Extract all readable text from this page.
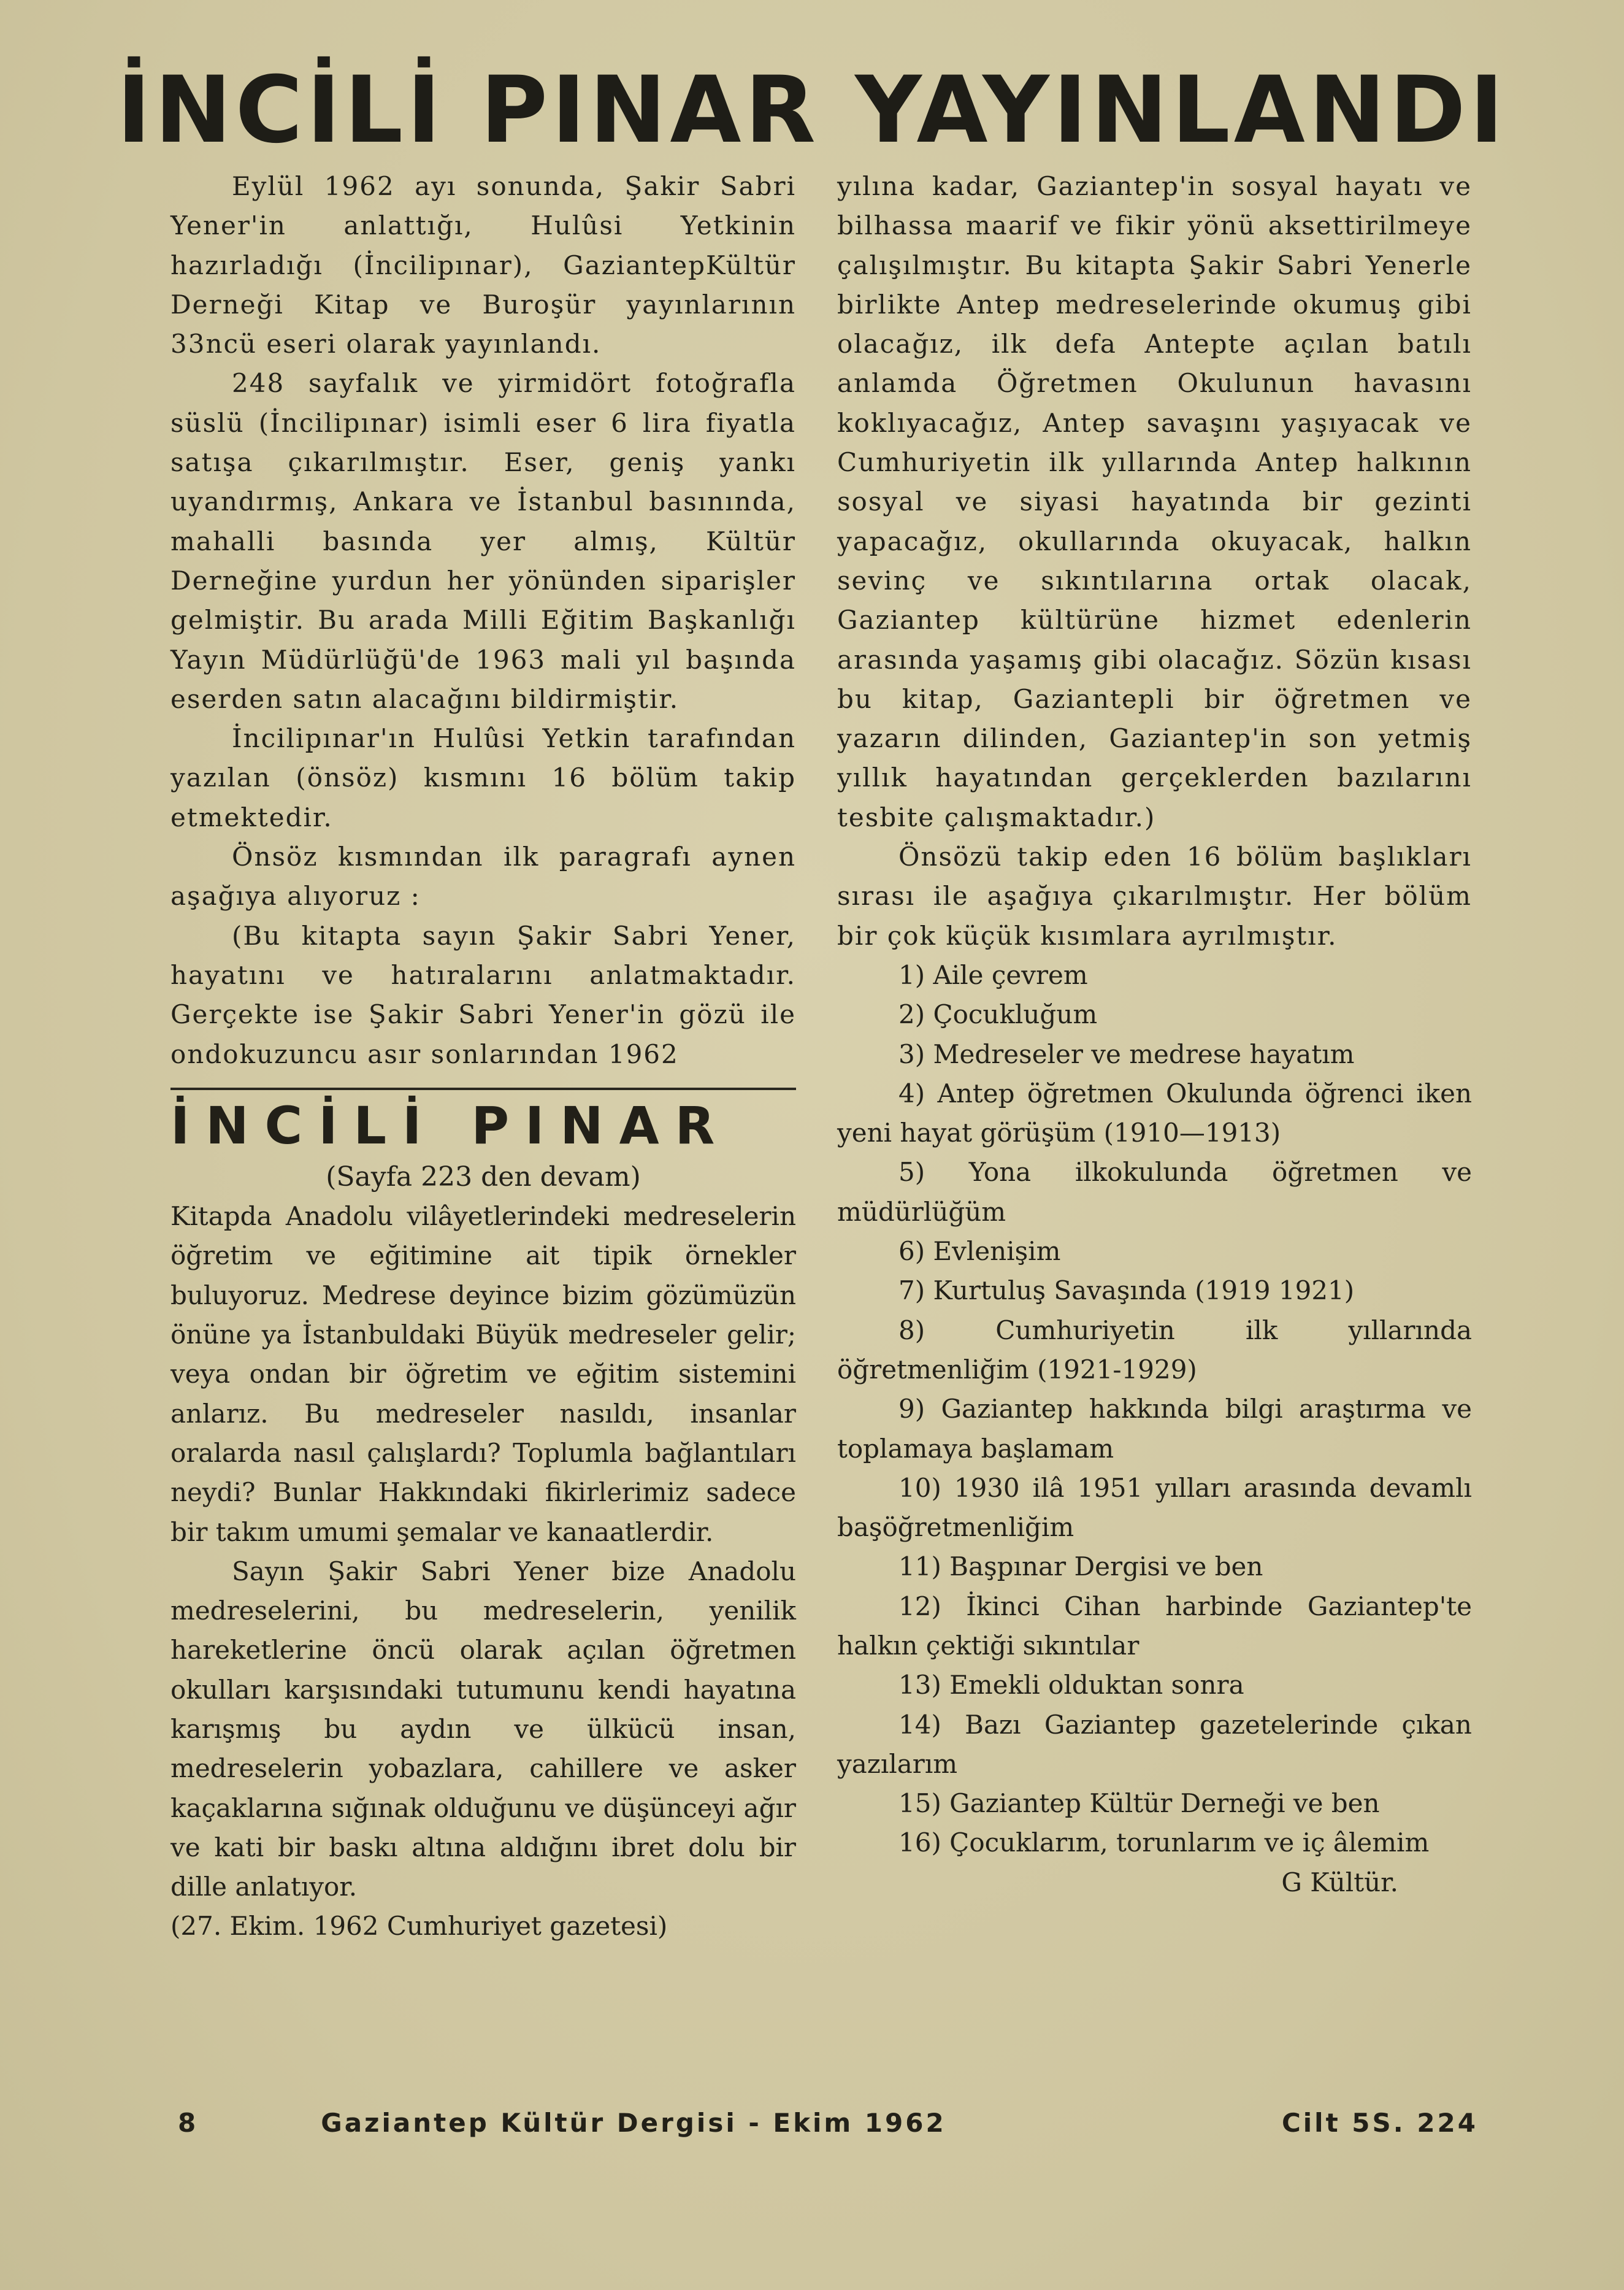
İNCİLİ PINAR YAYINLANDI

Eylül 1962 ayı sonunda, Şakir Sabri Yener'in anlattığı, Hulûsi Yetkinin hazırladığı (İncilipınar), GaziantepKültür Derneği Kitap ve Buroşür yayınlarının 33ncü eseri olarak yayınlandı.

248 sayfalık ve yirmidört fotoğrafla süslü (İncilipınar) isimli eser 6 lira fiyatla satışa çıkarılmıştır. Eser, geniş yankı uyandırmış, Ankara ve İstanbul basınında, mahalli basında yer almış, Kültür Derneğine yurdun her yönünden siparişler gelmiştir. Bu arada Milli Eğitim Başkanlığı Yayın Müdürlüğü'de 1963 mali yıl başında eserden satın alacağını bildirmiştir.

İncilipınar'ın Hulûsi Yetkin tarafından yazılan (önsöz) kısmını 16 bölüm takip etmektedir.

Önsöz kısmından ilk paragrafı aynen aşağıya alıyoruz :

(Bu kitapta sayın Şakir Sabri Yener, hayatını ve hatıralarını anlatmaktadır. Gerçekte ise Şakir Sabri Yener'in gözü ile ondokuzuncu asır sonlarından 1962

İNCİLİ PINAR

(Sayfa 223 den devam)

Kitapda Anadolu vilâyetlerindeki medreselerin öğretim ve eğitimine ait tipik örnekler buluyoruz. Medrese deyince bizim gözümüzün önüne ya İstanbuldaki Büyük medreseler gelir; veya ondan bir öğretim ve eğitim sistemini anlarız. Bu medreseler nasıldı, insanlar oralarda nasıl çalışlardı? Toplumla bağlantıları neydi? Bunlar Hakkındaki fikirlerimiz sadece bir takım umumi şemalar ve kanaatlerdir.

Sayın Şakir Sabri Yener bize Anadolu medreselerini, bu medreselerin, yenilik hareketlerine öncü olarak açılan öğretmen okulları karşısındaki tutumunu kendi hayatına karışmış bu aydın ve ülkücü insan, medreselerin yobazlara, cahillere ve asker kaçaklarına sığınak olduğunu ve düşünceyi ağır ve kati bir baskı altına aldığını ibret dolu bir dille anlatıyor.

(27. Ekim. 1962 Cumhuriyet gazetesi)

yılına kadar, Gaziantep'in sosyal hayatı ve bilhassa maarif ve fikir yönü aksettirilmeye çalışılmıştır. Bu kitapta Şakir Sabri Yenerle birlikte Antep medreselerinde okumuş gibi olacağız, ilk defa Antepte açılan batılı anlamda Öğretmen Okulunun havasını koklıyacağız, Antep savaşını yaşıyacak ve Cumhuriyetin ilk yıllarında Antep halkının sosyal ve siyasi hayatında bir gezinti yapacağız, okullarında okuyacak, halkın sevinç ve sıkıntılarına ortak olacak, Gaziantep kültürüne hizmet edenlerin arasında yaşamış gibi olacağız. Sözün kısası bu kitap, Gaziantepli bir öğretmen ve yazarın dilinden, Gaziantep'in son yetmiş yıllık hayatından gerçeklerden bazılarını tesbite çalışmaktadır.)

Önsözü takip eden 16 bölüm başlıkları sırası ile aşağıya çıkarılmıştır. Her bölüm bir çok küçük kısımlara ayrılmıştır.

1) Aile çevrem

2) Çocukluğum

3) Medreseler ve medrese hayatım

4) Antep öğretmen Okulunda öğrenci iken yeni hayat görüşüm (1910—1913)

5) Yona ilkokulunda öğretmen ve müdürlüğüm

6) Evlenişim

7) Kurtuluş Savaşında (1919 1921)

8) Cumhuriyetin ilk yıllarında öğretmenliğim (1921-1929)

9) Gaziantep hakkında bilgi araştırma ve toplamaya başlamam

10) 1930 ilâ 1951 yılları arasında devamlı başöğretmenliğim

11) Başpınar Dergisi ve ben

12) İkinci Cihan harbinde Gaziantep'te halkın çektiği sıkıntılar

13) Emekli olduktan sonra

14) Bazı Gaziantep gazetelerinde çıkan yazılarım

15) Gaziantep Kültür Derneği ve ben

16) Çocuklarım, torunlarım ve iç âlemim

G Kültür.

8	Gaziantep Kültür Dergisi - Ekim 1962	Cilt 5 S. 224
